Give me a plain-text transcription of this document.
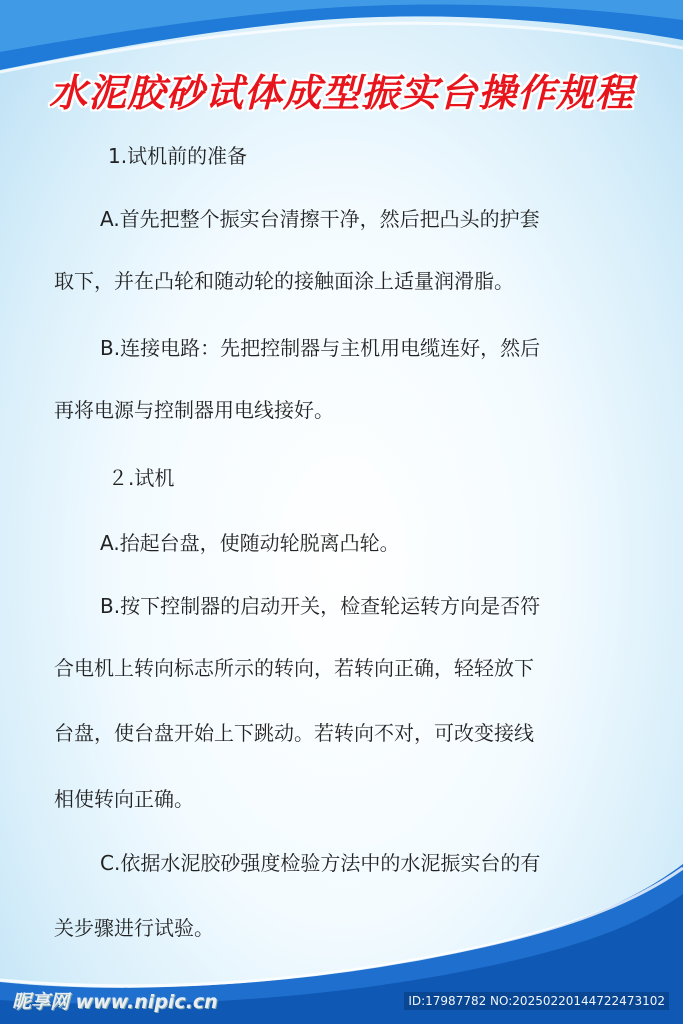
水泥胶砂试体成型振实台操作规程
1.试机前的准备
A.首先把整个振实台清擦干净，然后把凸头的护套
取下，并在凸轮和随动轮的接触面涂上适量润滑脂。
B.连接电路：先把控制器与主机用电缆连好，然后
再将电源与控制器用电线接好。
２.试机
A.抬起台盘，使随动轮脱离凸轮。
B.按下控制器的启动开关，检查轮运转方向是否符
合电机上转向标志所示的转向，若转向正确，轻轻放下
台盘，使台盘开始上下跳动。若转向不对，可改变接线
相使转向正确。
C.依据水泥胶砂强度检验方法中的水泥振实台的有
关步骤进行试验。
昵享网 www.nipic.cn	ID:17987782 NO:20250220144722473102
